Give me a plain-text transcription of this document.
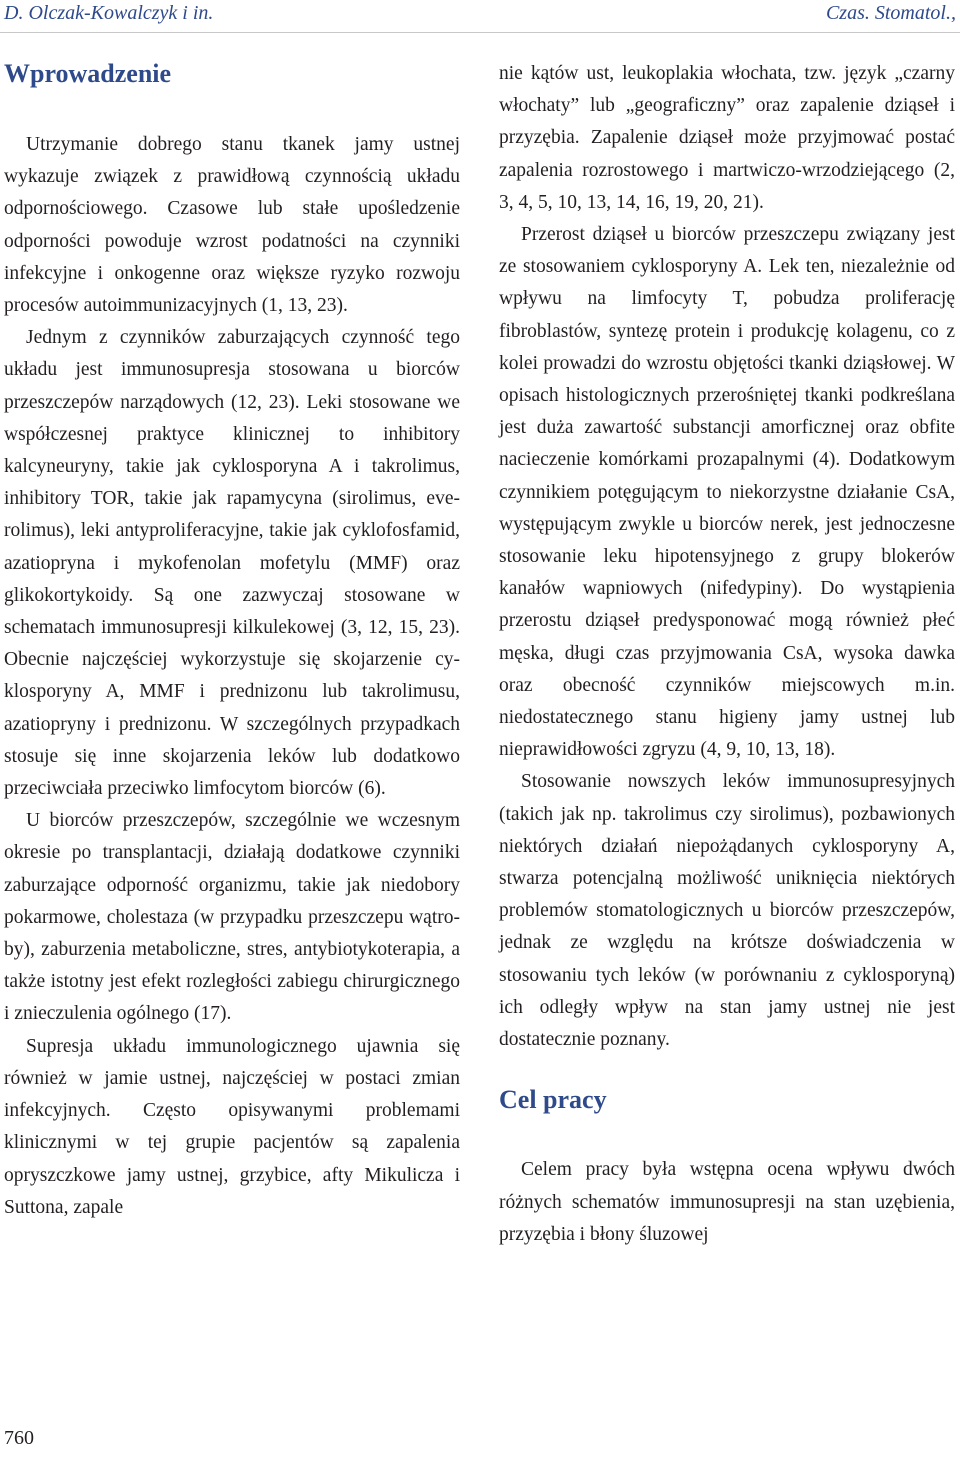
D. Olczak-Kowalczyk i in.	Czas. Stomatol.,
Wprowadzenie

Utrzymanie dobrego stanu tkanek jamy ustnej wykazuje związek z prawidłową czynnością układu odpornościowego. Czasowe lub stałe upośledzenie odporności powoduje wzrost podatności na czynniki infekcyjne i onkogenne oraz większe ryzyko rozwoju procesów autoimmunizacyjnych (1, 13, 23).

Jednym z czynników zaburzających czynność tego układu jest immunosupresja stosowana u biorców przeszczepów narządowych (12, 23). Leki stosowane we współczesnej praktyce klinicznej to inhibitory kalcyneuryny, takie jak cyklosporyna A i takrolimus, inhibitory TOR, takie jak rapamycyna (sirolimus, everolimus), leki antyproliferacyjne, takie jak cyklofosfamid, azatiopryna i mykofenolan mofetylu (MMF) oraz glikokortykoidy. Są one zazwyczaj stosowane w schematach immunosupresji kilkulekowej (3, 12, 15, 23). Obecnie najczęściej wykorzystuje się skojarzenie cyklosporyny A, MMF i prednizonu lub takrolimusu, azatiopryny i prednizonu. W szczególnych przypadkach stosuje się inne skojarzenia leków lub dodatkowo przeciwciała przeciwko limfocytom biorców (6).

U biorców przeszczepów, szczególnie we wczesnym okresie po transplantacji, działają dodatkowe czynniki zaburzające odporność organizmu, takie jak niedobory pokarmowe, cholestaza (w przypadku przeszczepu wątroby), zaburzenia metaboliczne, stres, antybiotykoterapia, a także istotny jest efekt rozległości zabiegu chirurgicznego i znieczulenia ogólnego (17).

Supresja układu immunologicznego ujawnia się również w jamie ustnej, najczęściej w postaci zmian infekcyjnych. Często opisywanymi problemami klinicznymi w tej grupie pacjentów są zapalenia opryszczkowe jamy ustnej, grzybice, afty Mikulicza i Suttona, zapale

nie kątów ust, leukoplakia włochata, tzw. język „czarny włochaty” lub „geograficzny” oraz zapalenie dziąseł i przyzębia. Zapalenie dziąseł może przyjmować postać zapalenia rozrostowego i martwiczo-wrzodziejącego (2, 3, 4, 5, 10, 13, 14, 16, 19, 20, 21).

Przerost dziąseł u biorców przeszczepu związany jest ze stosowaniem cyklosporyny A. Lek ten, niezależnie od wpływu na limfocyty T, pobudza proliferację fibroblastów, syntezę protein i produkcję kolagenu, co z kolei prowadzi do wzrostu objętości tkanki dziąsłowej. W opisach histologicznych przerośniętej tkanki podkreślana jest duża zawartość substancji amorficznej oraz obfite nacieczenie komórkami prozapalnymi (4). Dodatkowym czynnikiem potęgującym to niekorzystne działanie CsA, występującym zwykle u biorców nerek, jest jednoczesne stosowanie leku hipotensyjnego z grupy blokerów kanałów wapniowych (nifedypiny). Do wystąpienia przerostu dziąseł predysponować mogą również płeć męska, długi czas przyjmowania CsA, wysoka dawka oraz obecność czynników miejscowych m.in. niedostatecznego stanu higieny jamy ustnej lub nieprawidłowości zgryzu (4, 9, 10, 13, 18).

Stosowanie nowszych leków immunosupresyjnych (takich jak np. takrolimus czy sirolimus), pozbawionych niektórych działań niepożądanych cyklosporyny A, stwarza potencjalną możliwość uniknięcia niektórych problemów stomatologicznych u biorców przeszczepów, jednak ze względu na krótsze doświadczenia w stosowaniu tych leków (w porównaniu z cyklosporyną) ich odległy wpływ na stan jamy ustnej nie jest dostatecznie poznany.

Cel pracy

Celem pracy była wstępna ocena wpływu dwóch różnych schematów immunosupresji na stan uzębienia, przyzębia i błony śluzowej

760
